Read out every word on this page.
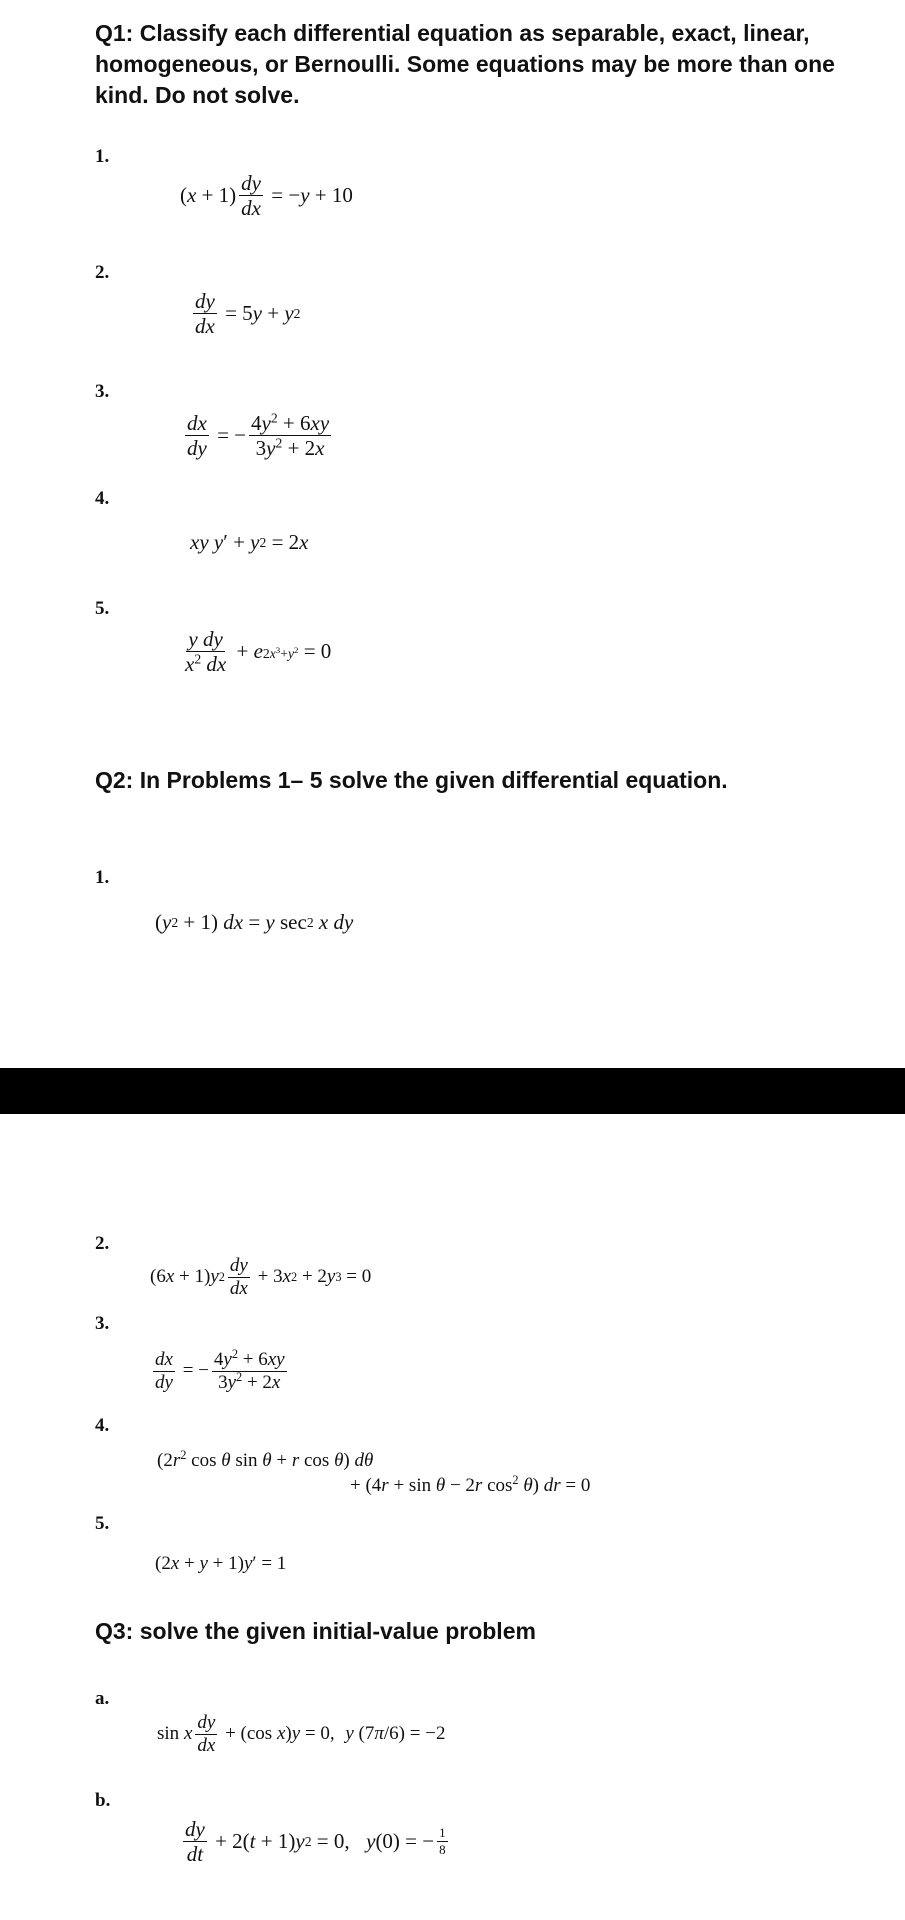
Q1: Classify each differential equation as separable, exact, linear, homogeneous, or Bernoulli. Some equations may be more than one kind. Do not solve.
1.
( $x + 1) \frac{dy}{dx}$ = − y + 10
2.
$\frac{dy}{dx} = 5$ y + y 2
3.
$\frac{dx}{dy}$ = − $\frac{4y^2 + 6xy}{3y^2 + 2x}$
4.
xy
y ′ + y 2 = 2 x
5.
$\frac{\text{y dy}}{x^2 dx} + e$ $2x^3+y^2 = 0$
Q2: In Problems 1– 5 solve the given differential equation.
1.
( y 2 + 1) dx = y sec 2
x
dy
2.
(6 x + 1) y $2 \frac{dy}{dx} + 3$ x 2 + 2 y 3 = 0
3.
$\frac{dx}{dy}$ = − $\frac{4y^2 + 6xy}{3y^2 + 2x}$
4.
($2r^2$ cos θ sin θ + r cos θ) dθ
+ (4r + sin θ − 2r $\cos^2 \theta$) dr = 0
5.
(2 x + y + 1) y ′ = 1
Q3: solve the given initial-value problem
a.
sin x $\frac{dy}{dx} + (\cos$ x ) y = 0,
y (7 π /6) = −2
b.
$\frac{dy}{dt} + 2$( t + 1) y 2 = 0,
y (0) = − $\frac{1}{8}$
